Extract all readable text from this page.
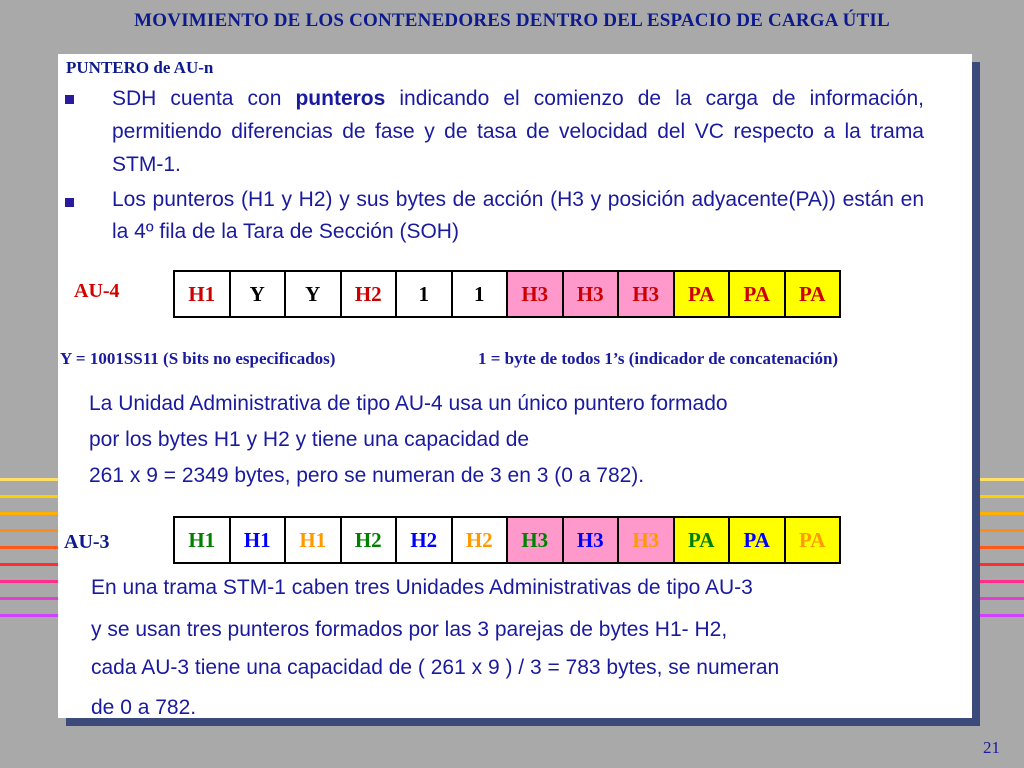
MOVIMIENTO DE LOS CONTENEDORES DENTRO DEL ESPACIO DE CARGA ÚTIL
PUNTERO de AU-n
SDH cuenta con punteros indicando el comienzo de la carga de información, permitiendo diferencias de fase y de tasa de velocidad del VC respecto a la trama STM-1.
Los punteros (H1 y H2) y sus bytes de acción (H3 y posición adyacente(PA)) están en la 4º fila de la Tara de Sección (SOH)
AU-4	H1	Y	Y	H2	1	1	H3	H3	H3	PA	PA	PA
Y = 1001SS11 (S bits no especificados)	1 = byte de todos 1’s (indicador de concatenación)
La Unidad Administrativa de tipo AU-4 usa un único puntero formado
por los bytes H1 y H2 y tiene una capacidad de
261 x 9 = 2349 bytes, pero se numeran de 3 en 3 (0 a 782).
AU-3	H1	H1	H1	H2	H2	H2	H3	H3	H3	PA	PA	PA
En una trama STM-1 caben tres Unidades Administrativas de tipo AU-3
y se usan tres punteros formados por las 3 parejas de bytes H1- H2,
cada AU-3 tiene una capacidad de ( 261 x 9 ) / 3 = 783 bytes, se numeran
de 0 a 782.
21
